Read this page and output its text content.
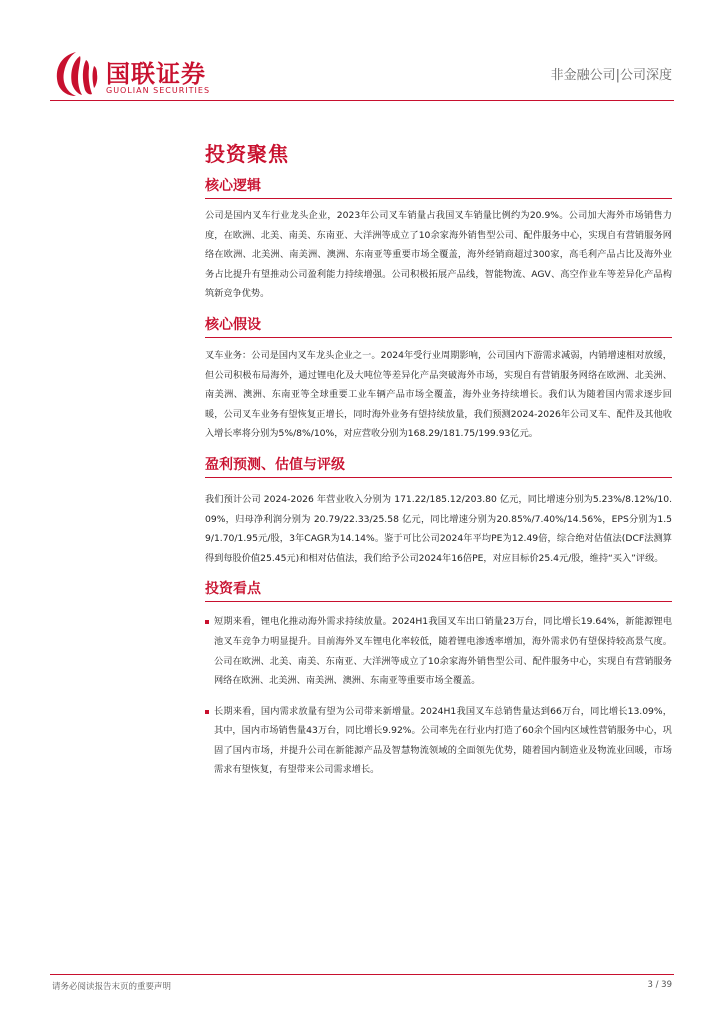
国联证券
GUOLIAN SECURITIES
非金融公司|公司深度
投资聚焦
核心逻辑

公司是国内叉车行业龙头企业，2023年公司叉车销量占我国叉车销量比例约为20.9%。公司加大海外市场销售力度，在欧洲、北美、南美、东南亚、大洋洲等成立了10余家海外销售型公司、配件服务中心，实现自有营销服务网络在欧洲、北美洲、南美洲、澳洲、东南亚等重要市场全覆盖，海外经销商超过300家，高毛利产品占比及海外业务占比提升有望推动公司盈利能力持续增强。公司积极拓展产品线，智能物流、AGV、高空作业车等差异化产品构筑新竞争优势。

核心假设

叉车业务：公司是国内叉车龙头企业之一。2024年受行业周期影响，公司国内下游需求减弱，内销增速相对放缓，但公司积极布局海外，通过锂电化及大吨位等差异化产品突破海外市场，实现自有营销服务网络在欧洲、北美洲、南美洲、澳洲、东南亚等全球重要工业车辆产品市场全覆盖，海外业务持续增长。我们认为随着国内需求逐步回暖，公司叉车业务有望恢复正增长，同时海外业务有望持续放量，我们预测2024-2026年公司叉车、配件及其他收入增长率将分别为5%/8%/10%，对应营收分别为168.29/181.75/199.93亿元。

盈利预测、估值与评级

我们预计公司 2024-2026 年营业收入分别为 171.22/185.12/203.80 亿元，同比增速分别为5.23%/8.12%/10.09%，归母净利润分别为 20.79/22.33/25.58 亿元，同比增速分别为20.85%/7.40%/14.56%，EPS分别为1.59/1.70/1.95元/股，3年CAGR为14.14%。鉴于可比公司2024年平均PE为12.49倍，综合绝对估值法(DCF法测算得到每股价值25.45元)和相对估值法，我们给予公司2024年16倍PE，对应目标价25.4元/股，维持“买入”评级。

投资看点
短期来看，锂电化推动海外需求持续放量。2024H1我国叉车出口销量23万台，同比增长19.64%，新能源锂电池叉车竞争力明显提升。目前海外叉车锂电化率较低，随着锂电渗透率增加，海外需求仍有望保持较高景气度。公司在欧洲、北美、南美、东南亚、大洋洲等成立了10余家海外销售型公司、配件服务中心，实现自有营销服务网络在欧洲、北美洲、南美洲、澳洲、东南亚等重要市场全覆盖。
长期来看，国内需求放量有望为公司带来新增量。2024H1我国叉车总销售量达到66万台，同比增长13.09%，其中，国内市场销售量43万台，同比增长9.92%。公司率先在行业内打造了60余个国内区域性营销服务中心，巩固了国内市场，并提升公司在新能源产品及智慧物流领域的全面领先优势，随着国内制造业及物流业回暖，市场需求有望恢复，有望带来公司需求增长。
请务必阅读报告末页的重要声明	3 / 39
